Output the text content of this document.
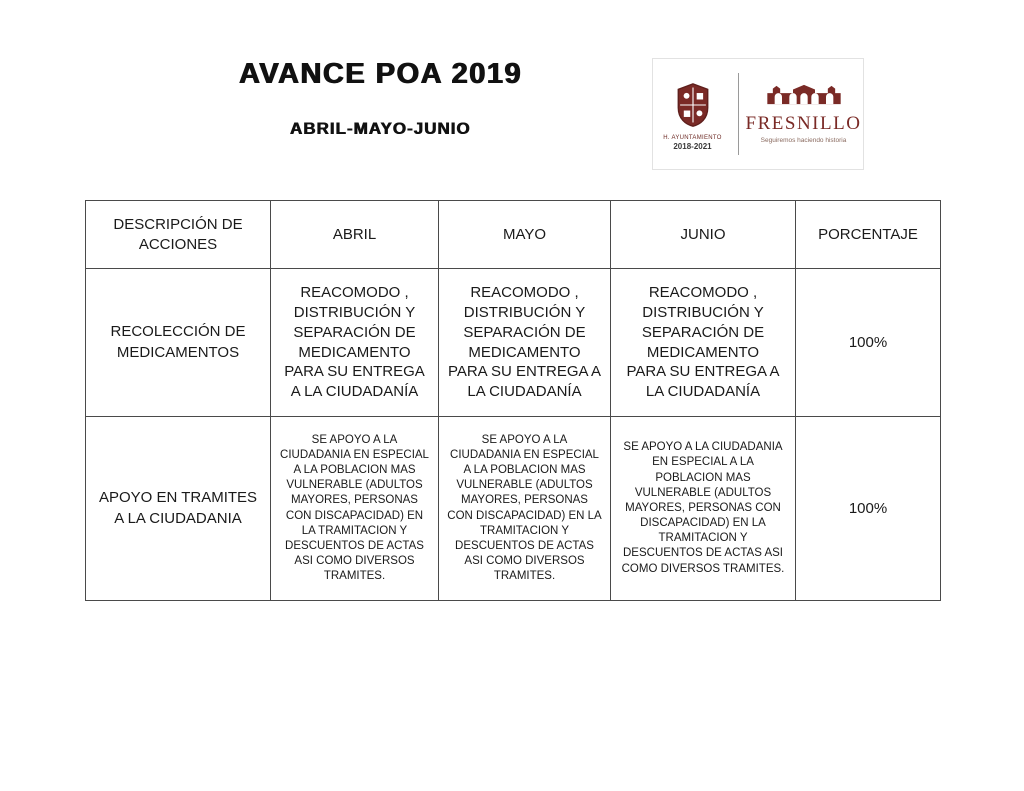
AVANCE POA 2019
ABRIL-MAYO-JUNIO	H. AYUNTAMIENTO
2018-2021
FRESNILLO
Seguiremos haciendo historia
DESCRIPCIÓN DE ACCIONES	ABRIL	MAYO	JUNIO	PORCENTAJE
RECOLECCIÓN DE MEDICAMENTOS	REACOMODO , DISTRIBUCIÓN Y SEPARACIÓN DE MEDICAMENTO PARA SU ENTREGA A LA CIUDADANÍA	REACOMODO , DISTRIBUCIÓN Y SEPARACIÓN DE MEDICAMENTO PARA SU ENTREGA A LA CIUDADANÍA	REACOMODO , DISTRIBUCIÓN Y SEPARACIÓN DE MEDICAMENTO PARA SU ENTREGA A LA CIUDADANÍA	100%
APOYO EN TRAMITES A LA CIUDADANIA	SE APOYO A LA CIUDADANIA EN ESPECIAL A LA POBLACION MAS VULNERABLE (ADULTOS MAYORES, PERSONAS CON DISCAPACIDAD) EN LA TRAMITACION Y DESCUENTOS DE ACTAS ASI COMO DIVERSOS TRAMITES.	SE APOYO A LA CIUDADANIA EN ESPECIAL A LA POBLACION MAS VULNERABLE (ADULTOS MAYORES, PERSONAS CON DISCAPACIDAD) EN LA TRAMITACION Y DESCUENTOS DE ACTAS ASI COMO DIVERSOS TRAMITES.	SE APOYO A LA CIUDADANIA EN ESPECIAL A LA POBLACION MAS VULNERABLE (ADULTOS MAYORES, PERSONAS CON DISCAPACIDAD) EN LA TRAMITACION Y DESCUENTOS DE ACTAS ASI COMO DIVERSOS TRAMITES.	100%
